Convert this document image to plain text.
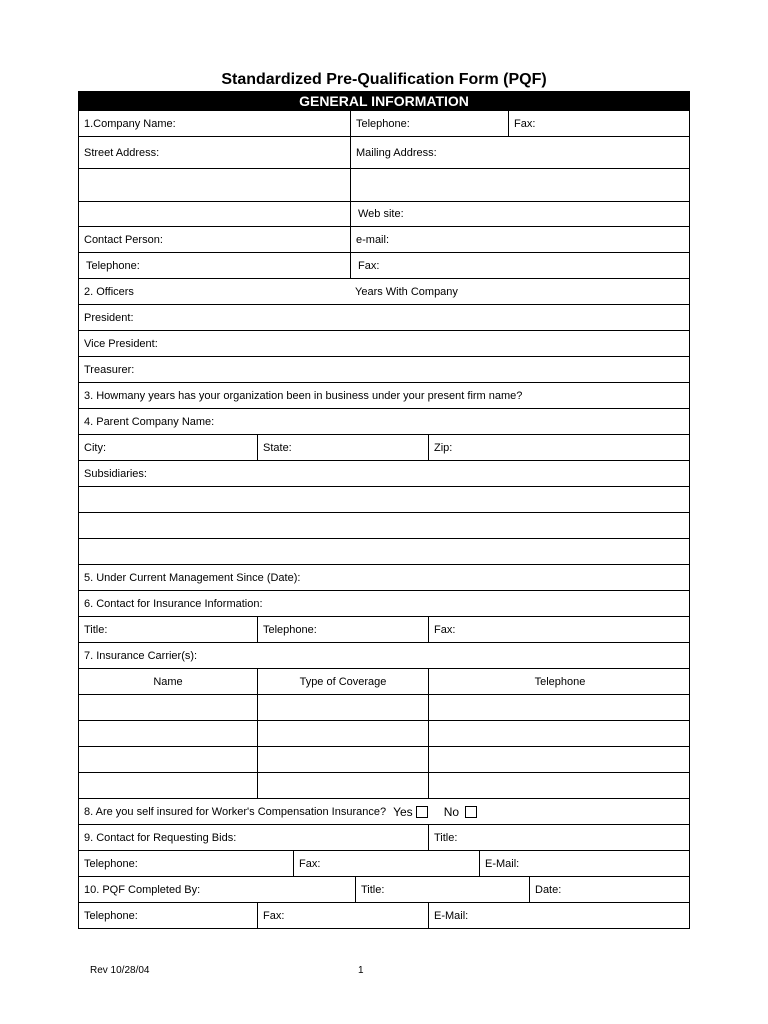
Standardized Pre-Qualification Form (PQF)
GENERAL INFORMATION
1.Company Name:	Telephone:	Fax:
Street Address:	Mailing Address:
Web site:
Contact Person:	e-mail:
Telephone:	Fax:
2. Officers	Years With Company
President:
Vice President:
Treasurer:
3. Howmany years has your organization been in business under your present firm name?
4. Parent Company Name:
City:	State:	Zip:
Subsidiaries:
5. Under Current Management Since (Date):
6. Contact for Insurance Information:
Title:	Telephone:	Fax:
7. Insurance Carrier(s):
Name	Type of Coverage	Telephone
8. Are you self insured for Worker's Compensation Insurance? Yes	No
9. Contact for Requesting Bids:	Title:
Telephone:	Fax:	E-Mail:
10. PQF Completed By:	Title:	Date:
Telephone:	Fax:	E-Mail:
Rev 10/28/04	1
